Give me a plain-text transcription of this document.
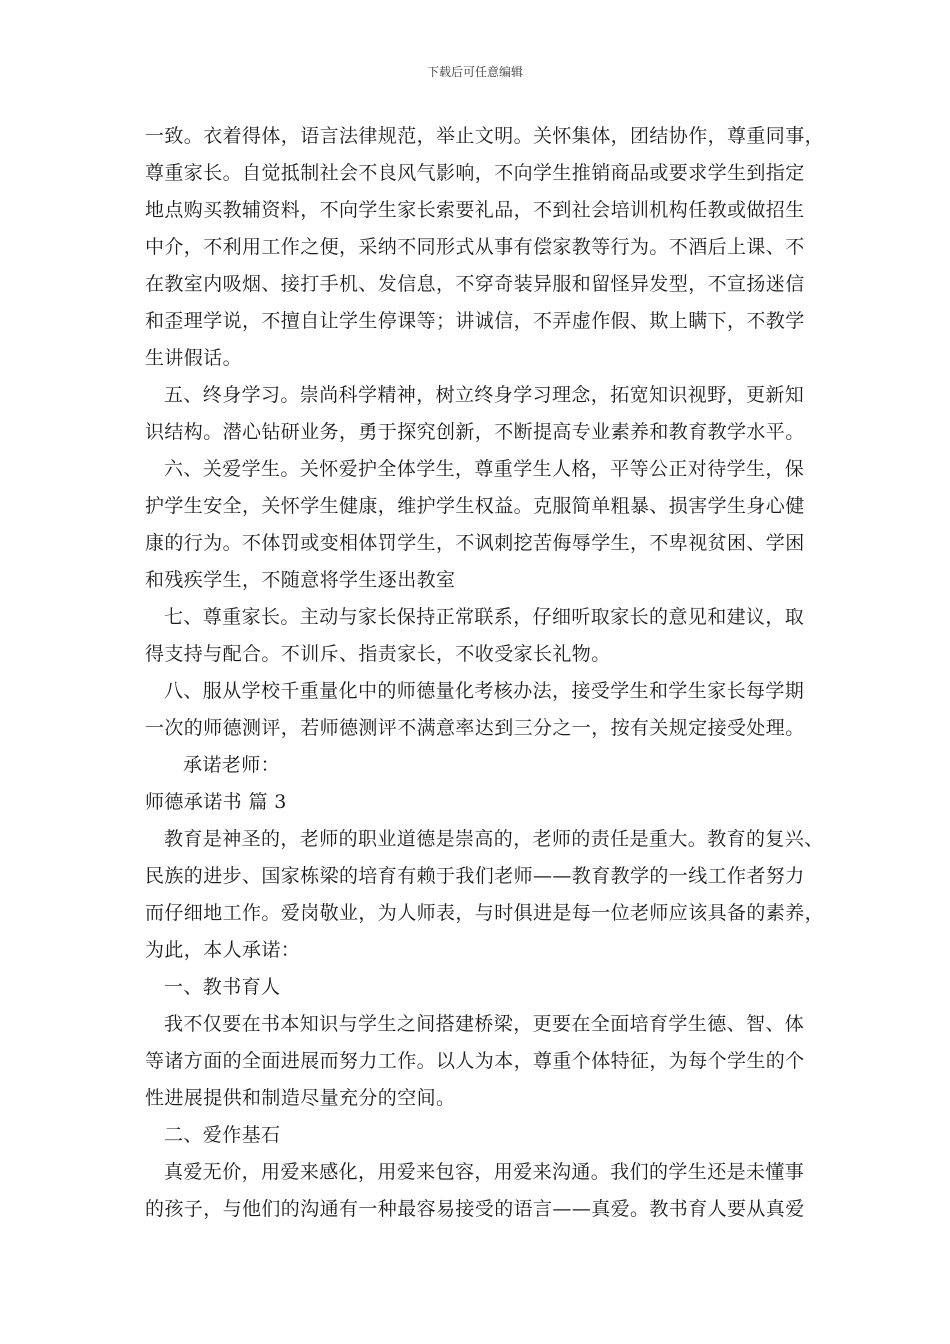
下载后可任意编辑
一致。衣着得体，语言法律规范，举止文明。关怀集体，团结协作，尊重同事，
尊重家长。自觉抵制社会不良风气影响，不向学生推销商品或要求学生到指定
地点购买教辅资料，不向学生家长索要礼品，不到社会培训机构任教或做招生
中介，不利用工作之便，采纳不同形式从事有偿家教等行为。不酒后上课、不
在教室内吸烟、接打手机、发信息，不穿奇装异服和留怪异发型，不宣扬迷信
和歪理学说，不擅自让学生停课等；讲诚信，不弄虚作假、欺上瞒下，不教学
生讲假话。
五、终身学习。崇尚科学精神，树立终身学习理念，拓宽知识视野，更新知
识结构。潜心钻研业务，勇于探究创新，不断提高专业素养和教育教学水平。
六、关爱学生。关怀爱护全体学生，尊重学生人格，平等公正对待学生，保
护学生安全，关怀学生健康，维护学生权益。克服简单粗暴、损害学生身心健
康的行为。不体罚或变相体罚学生，不讽刺挖苦侮辱学生，不卑视贫困、学困
和残疾学生，不随意将学生逐出教室
七、尊重家长。主动与家长保持正常联系，仔细听取家长的意见和建议，取
得支持与配合。不训斥、指责家长，不收受家长礼物。
八、服从学校千重量化中的师德量化考核办法，接受学生和学生家长每学期
一次的师德测评，若师德测评不满意率达到三分之一，按有关规定接受处理。
承诺老师：
师德承诺书 篇 3
教育是神圣的，老师的职业道德是崇高的，老师的责任是重大。教育的复兴、
民族的进步、国家栋梁的培育有赖于我们老师——教育教学的一线工作者努力
而仔细地工作。爱岗敬业，为人师表，与时俱进是每一位老师应该具备的素养，
为此，本人承诺：
一、教书育人
我不仅要在书本知识与学生之间搭建桥梁，更要在全面培育学生德、智、体
等诸方面的全面进展而努力工作。以人为本，尊重个体特征，为每个学生的个
性进展提供和制造尽量充分的空间。
二、爱作基石
真爱无价，用爱来感化，用爱来包容，用爱来沟通。我们的学生还是未懂事
的孩子，与他们的沟通有一种最容易接受的语言——真爱。教书育人要从真爱
